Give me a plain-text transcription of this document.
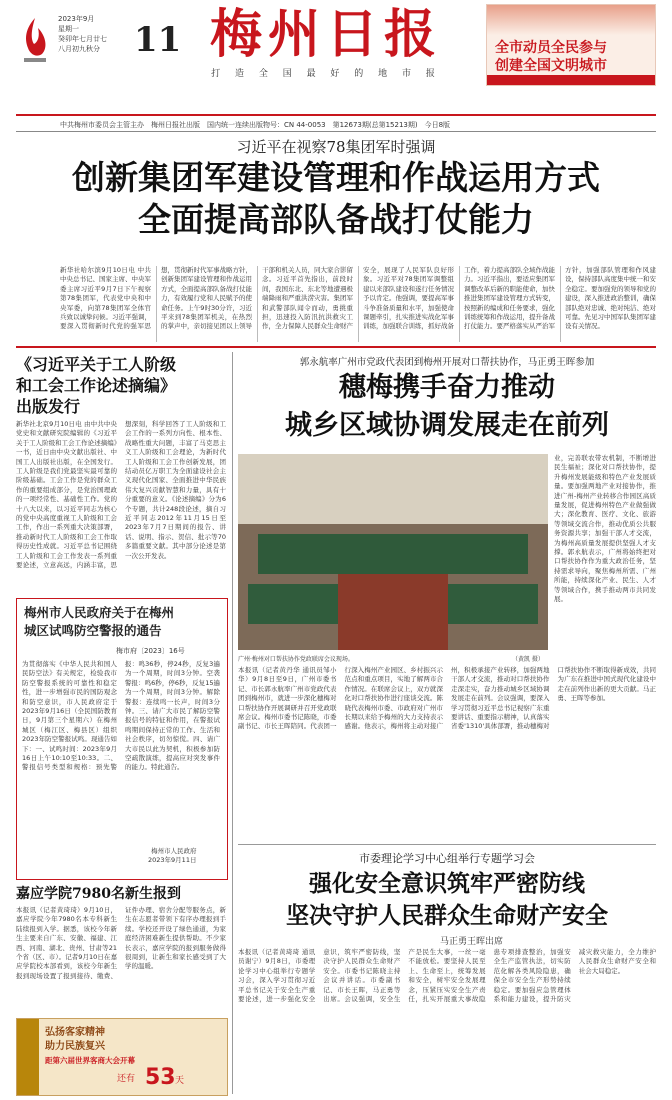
2023年9月
星期一
癸卯年七月廿七
八月初九秋分 11 梅州日报
打 造 全 国 最 好 的 地 市 报
全市动员全民参与
创建全国文明城市
中共梅州市委员会主管主办　梅州日报社出版　国内统一连续出版物号：CN 44-0053　第12673期(总第15213期)　今日8版
习近平在视察78集团军时强调
创新集团军建设管理和作战运用方式
全面提高部队备战打仗能力
新华社哈尔滨9月10日电 中共中央总书记、国家主席、中央军委主席习近平9月7日下午视察第78集团军，代表党中央和中央军委，向第78集团军全体官兵致以诚挚问候。习近平强调，要深入贯彻新时代党的强军思想，贯彻新时代军事战略方针，创新集团军建设管理和作战运用方式，全面提高部队备战打仗能力，有效履行党和人民赋予的使命任务。上午9时30分许，习近平来到78集团军机关，在热烈的掌声中，亲切接见团以上领导干部和机关人员，同大家合影留念。习近平首先指出，前段时间，我国东北、东北等地遭遇极端降雨和严重洪涝灾害。集团军和武警部队闻令而动，勇挑重担，迅速投入防汛抗洪救灾工作，全力保障人民群众生命财产安全，展现了人民军队良好形象。习近平对78集团军调整组建以来部队建设和遂行任务情况予以肯定。他强调，要提高军事斗争准备质量和水平，加强使命课题牵引，扎实推进实战化军事训练，加强联合训练，抓好战备工作，着力提高部队全域作战能力。习近平指出，要适应集团军调整改革后新的职能使命，加快推进集团军建设管理方式转变，按照新的编成和任务要求，强化训练统筹和作战运用，提升备战打仗能力。要严格落实从严治军方针，加强部队管理和作风建设，保持部队高度集中统一和安全稳定。要加强党的领导和党的建设，深入推进政治整训，确保部队绝对忠诚、绝对纯洁、绝对可靠。先见习中国军队集团军建设有关情况。
《习近平关于工人阶级
和工会工作论述摘编》
出版发行
新华社北京9月10日电 由中共中央党史和文献研究院编辑的《习近平关于工人阶级和工会工作论述摘编》一书，近日由中央文献出版社、中国工人出版社出版，在全国发行。工人阶级是我们党最坚实最可靠的阶级基础。工会工作是党的群众工作的重要组成部分，是党治国理政的一项经常性、基础性工作。党的十八大以来，以习近平同志为核心的党中央高度重视工人阶级和工会工作，作出一系列重大决策部署，推动新时代工人阶级和工会工作取得历史性成就。习近平总书记围绕工人阶级和工会工作发表一系列重要论述，立意高远，内涵丰富，思想深刻，科学回答了工人阶级和工会工作的一系列方向性、根本性、战略性重大问题，丰富了马克思主义工人阶级和工会理论，为新时代工人阶级和工会工作创新发展，团结动员亿万职工为全面建设社会主义现代化国家、全面推进中华民族伟大复兴贡献智慧和力量，具有十分重要的意义。《论述摘编》分为6个专题，共计248段论述，摘自习近平同志2012年11月15日至2023年7月7日期间的报告、讲话、说明、指示、贺信、批示等70多篇重要文献。其中部分论述是第一次公开发表。
梅州市人民政府关于在梅州
城区试鸣防空警报的通告
梅市府〔2023〕16号
为贯彻落实《中华人民共和国人民防空法》有关规定，检验我市防空警报系统的可靠性和稳定性，进一步增强市民的国防观念和防空意识，市人民政府定于2023年9月16日（全民国防教育日，9月第三个星期六）在梅州城区（梅江区、梅县区）组织2023年防空警报试鸣。现通告如下：一、试鸣时间：2023年9月16日上午10:10至10:33。二、警报信号类型和规格：预先警报：鸣36秒，停24秒，反复3遍为一个周期，时间3分钟。空袭警报：鸣6秒，停6秒，反复15遍为一个周期，时间3分钟。解除警报：连续鸣一长声，时间3分钟。三、请广大市民了解防空警报信号的特征和作用，在警报试鸣期间保持正常的工作、生活和社会秩序，切勿惊慌。四、请广大市民以此为契机，积极参加防空疏散演练，提高应对突发事件的能力。特此通告。
梅州市人民政府
2023年9月11日
嘉应学院7980名新生报到
本报讯（记者黄琦琦）9月10日，嘉应学院今年7980名本专科新生陆续报到入学。据悉，该校今年新生主要来自广东、安徽、福建、江西、河南、湖北、贵州、甘肃等21个省（区、市）。记者9月10日在嘉应学院校本部看到，该校今年新生报到现场设置了报到接待、缴费、证件办理、宿舍分配等服务点，新生在志愿者带领下有序办理报到手续。学校还开设了绿色通道，为家庭经济困难新生提供帮助。不少家长表示，嘉应学院的报到服务做得很周到，让新生和家长感受到了大学的温暖。
弘扬客家精神
助力民族复兴
距第六届世界客商大会开幕
还有 53 天
郭永航率广州市党政代表团到梅州开展对口帮扶协作，马正勇王晖参加
穗梅携手奋力推动
城乡区域协调发展走在前列
广州·梅州对口帮扶协作党政联席会议现场。	（黄凯 摄）
业，完善联农带农机制，不断增进民生福祉；深化对口帮扶协作，提升梅州发展能级和特色产业发展质量。要加强两地产业对接协作，推进广州-梅州产业转移合作园区高质量发展，促进梅州特色产业做强做大；深化教育、医疗、文化、旅游等领域交流合作，推动优质公共服务资源共享；加强干部人才交流，为梅州高质量发展提供坚强人才支撑。郭永航表示，广州将始终把对口帮扶协作作为重大政治任务，坚持需求导向，聚焦梅州所需、广州所能，持续深化产业、民生、人才等领域合作，携手推动两市共同发展。
本报讯（记者黄丹华 通讯员邹小华）9月8日至9日，广州市委书记、市长郭永航率广州市党政代表团到梅州市，就进一步深化穗梅对口帮扶协作开展调研并召开党政联席会议。梅州市委书记陈晓，市委副书记、市长王晖陪同。代表团一行深入梅州产业园区、乡村振兴示范点和重点项目，实地了解两市合作情况。在联席会议上，双方就深化对口帮扶协作进行座谈交流。陈晓代表梅州市委、市政府对广州市长期以来给予梅州的大力支持表示感谢。他表示，梅州将主动对接广州，积极承接产业转移，加强两地干部人才交流，推动对口帮扶协作走深走实，奋力推动城乡区域协调发展走在前列。会议强调，要深入学习贯彻习近平总书记视察广东重要讲话、重要指示精神，认真落实省委'1310'具体部署，推动穗梅对口帮扶协作不断取得新成效，共同为广东在推进中国式现代化建设中走在前列作出新的更大贡献。马正勇、王晖等参加。
市委理论学习中心组举行专题学习会
强化安全意识筑牢严密防线
坚决守护人民群众生命财产安全
马正勇王晖出席
本报讯（记者黄琦琦 通讯员谢宁）9月8日，市委理论学习中心组举行专题学习会，深入学习贯彻习近平总书记关于安全生产重要论述，进一步强化安全意识，筑牢严密防线，坚决守护人民群众生命财产安全。市委书记陈晓主持会议并讲话。市委副书记、市长王晖，马正勇等出席。会议强调，安全生产是民生大事，一丝一毫不能放松。要坚持人民至上、生命至上，统筹发展和安全，树牢安全发展理念，压紧压实安全生产责任，扎实开展重大事故隐患专项排查整治，加强安全生产监管执法，切实防范化解各类风险隐患，确保全市安全生产形势持续稳定。要加强应急管理体系和能力建设，提升防灾减灾救灾能力，全力维护人民群众生命财产安全和社会大局稳定。
